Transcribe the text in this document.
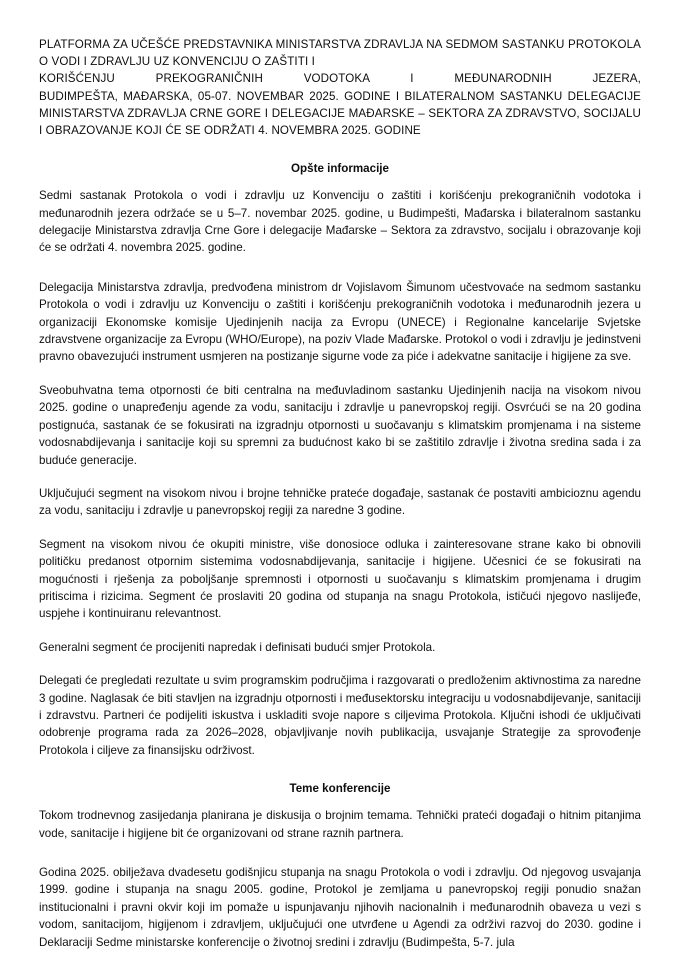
PLATFORMA ZA UČEŠĆE PREDSTAVNIKA MINISTARSTVA ZDRAVLJA NA SEDMOM SASTANKU PROTOKOLA O VODI I ZDRAVLJU UZ KONVENCIJU O ZAŠTITI I
KORIŠĆENJU PREKOGRANIČNIH VODOTOKA I MEĐUNARODNIH JEZERA,
BUDIMPEŠTA, MAĐARSKA, 05-07. NOVEMBAR 2025. GODINE I BILATERALNOM SASTANKU DELEGACIJE MINISTARSTVA ZDRAVLJA CRNE GORE I DELEGACIJE MAĐARSKE – SEKTORA ZA ZDRAVSTVO, SOCIJALU I OBRAZOVANJE KOJI ĆE SE ODRŽATI 4. NOVEMBRA 2025. GODINE
Opšte informacije

Sedmi sastanak Protokola o vodi i zdravlju uz Konvenciju o zaštiti i korišćenju prekograničnih vodotoka i međunarodnih jezera održaće se u 5–7. novembar 2025. godine, u Budimpešti, Mađarska i bilateralnom sastanku delegacije Ministarstva zdravlja Crne Gore i delegacije Mađarske – Sektora za zdravstvo, socijalu i obrazovanje koji će se održati 4. novembra 2025. godine.

Delegacija Ministarstva zdravlja, predvođena ministrom dr Vojislavom Šimunom učestvovaće na sedmom sastanku Protokola o vodi i zdravlju uz Konvenciju o zaštiti i korišćenju prekograničnih vodotoka i međunarodnih jezera u organizaciji Ekonomske komisije Ujedinjenih nacija za Evropu (UNECE) i Regionalne kancelarije Svjetske zdravstvene organizacije za Evropu (WHO/Europe), na poziv Vlade Mađarske. Protokol o vodi i zdravlju je jedinstveni pravno obavezujući instrument usmjeren na postizanje sigurne vode za piće i adekvatne sanitacije i higijene za sve.

Sveobuhvatna tema otpornosti će biti centralna na međuvladinom sastanku Ujedinjenih nacija na visokom nivou 2025. godine o unapređenju agende za vodu, sanitaciju i zdravlje u panevropskoj regiji. Osvrćući se na 20 godina postignuća, sastanak će se fokusirati na izgradnju otpornosti u suočavanju s klimatskim promjenama i na sisteme vodosnabdijevanja i sanitacije koji su spremni za budućnost kako bi se zaštitilo zdravlje i životna sredina sada i za buduće generacije.

Uključujući segment na visokom nivou i brojne tehničke prateće događaje, sastanak će postaviti ambicioznu agendu za vodu, sanitaciju i zdravlje u panevropskoj regiji za naredne 3 godine.

Segment na visokom nivou će okupiti ministre, više donosioce odluka i zainteresovane strane kako bi obnovili političku predanost otpornim sistemima vodosnabdijevanja, sanitacije i higijene. Učesnici će se fokusirati na mogućnosti i rješenja za poboljšanje spremnosti i otpornosti u suočavanju s klimatskim promjenama i drugim pritiscima i rizicima. Segment će proslaviti 20 godina od stupanja na snagu Protokola, ističući njegovo naslijeđe, uspjehe i kontinuiranu relevantnost.

Generalni segment će procijeniti napredak i definisati budući smjer Protokola.

Delegati će pregledati rezultate u svim programskim područjima i razgovarati o predloženim aktivnostima za naredne 3 godine. Naglasak će biti stavljen na izgradnju otpornosti i međusektorsku integraciju u vodosnabdijevanje, sanitaciji i zdravstvu. Partneri će podijeliti iskustva i uskladiti svoje napore s ciljevima Protokola. Ključni ishodi će uključivati odobrenje programa rada za 2026–2028, objavljivanje novih publikacija, usvajanje Strategije za sprovođenje Protokola i ciljeve za finansijsku održivost.

Teme konferencije

Tokom trodnevnog zasijedanja planirana je diskusija o brojnim temama. Tehnički prateći događaji o hitnim pitanjima vode, sanitacije i higijene bit će organizovani od strane raznih partnera.

Godina 2025. obilježava dvadesetu godišnjicu stupanja na snagu Protokola o vodi i zdravlju. Od njegovog usvajanja 1999. godine i stupanja na snagu 2005. godine, Protokol je zemljama u panevropskoj regiji ponudio snažan institucionalni i pravni okvir koji im pomaže u ispunjavanju njihovih nacionalnih i međunarodnih obaveza u vezi s vodom, sanitacijom, higijenom i zdravljem, uključujući one utvrđene u Agendi za održivi razvoj do 2030. godine i Deklaraciji Sedme ministarske konferencije o životnoj sredini i zdravlju (Budimpešta, 5-7. jula
